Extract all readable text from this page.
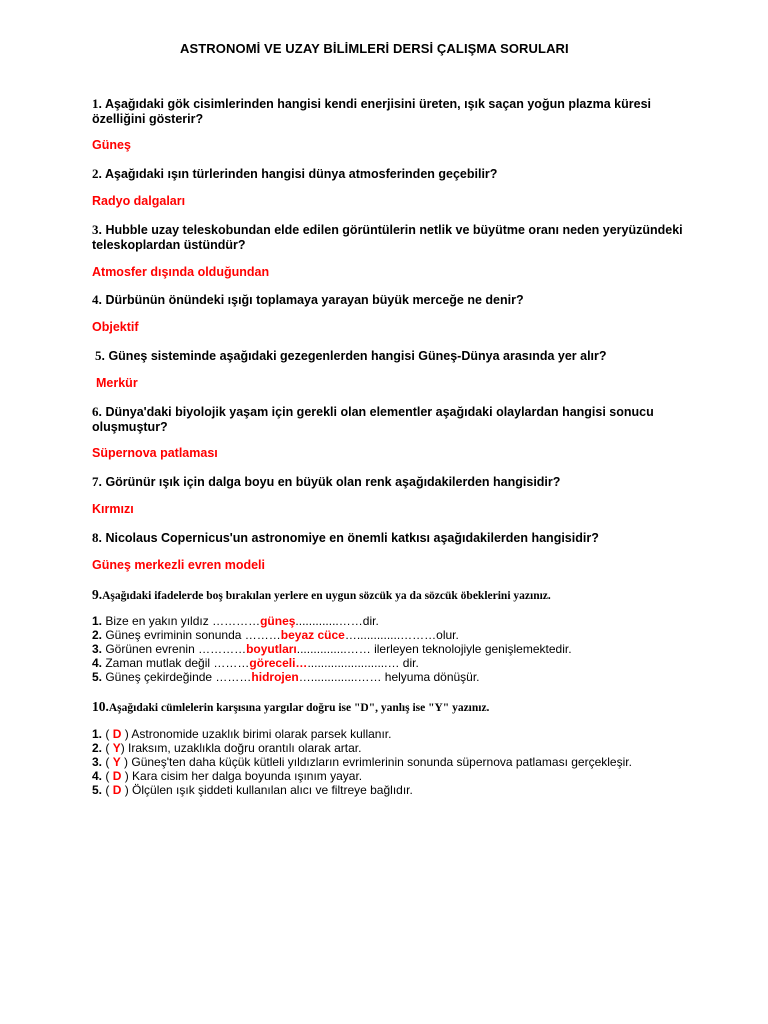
ASTRONOMİ VE UZAY BİLİMLERİ DERSİ ÇALIŞMA SORULARI
1. Aşağıdaki gök cisimlerinden hangisi kendi enerjisini üreten, ışık saçan yoğun plazma küresi özelliğini gösterir?
Güneş
2. Aşağıdaki ışın türlerinden hangisi dünya atmosferinden geçebilir?
Radyo dalgaları
3. Hubble uzay teleskobundan elde edilen görüntülerin netlik ve büyütme oranı neden yeryüzündeki teleskoplardan üstündür?
Atmosfer dışında olduğundan
4. Dürbünün önündeki ışığı toplamaya yarayan büyük merceğe ne denir?
Objektif
5. Güneş sisteminde aşağıdaki gezegenlerden hangisi Güneş-Dünya arasında yer alır?
Merkür
6. Dünya'daki biyolojik yaşam için gerekli olan elementler aşağıdaki olaylardan hangisi sonucu oluşmuştur?
Süpernova patlaması
7. Görünür ışık için dalga boyu en büyük olan renk aşağıdakilerden hangisidir?
Kırmızı
8. Nicolaus Copernicus'un astronomiye en önemli katkısı aşağıdakilerden hangisidir?
Güneş merkezli evren modeli
9.Aşağıdaki ifadelerde boş bırakılan yerlere en uygun sözcük ya da sözcük öbeklerini yazınız.
1. Bize en yakın yıldız …………güneş.............……dir.
2. Güneş evriminin sonunda ………beyaz cüce….............………olur.
3. Görünen evrenin …………boyutları...............…… ilerleyen teknolojiyle genişlemektedir.
4. Zaman mutlak değil ………göreceli…........................… dir.
5. Güneş çekirdeğinde ………hidrojen…..............…… helyuma dönüşür.
10.Aşağıdaki cümlelerin karşısına yargılar doğru ise "D", yanlış ise "Y" yazınız.
1. ( D ) Astronomide uzaklık birimi olarak parsek kullanır.
2. ( Y) Iraksım, uzaklıkla doğru orantılı olarak artar.
3. ( Y ) Güneş'ten daha küçük kütleli yıldızların evrimlerinin sonunda süpernova patlaması gerçekleşir.
4. ( D ) Kara cisim her dalga boyunda ışınım yayar.
5. ( D ) Ölçülen ışık şiddeti kullanılan alıcı ve filtreye bağlıdır.
